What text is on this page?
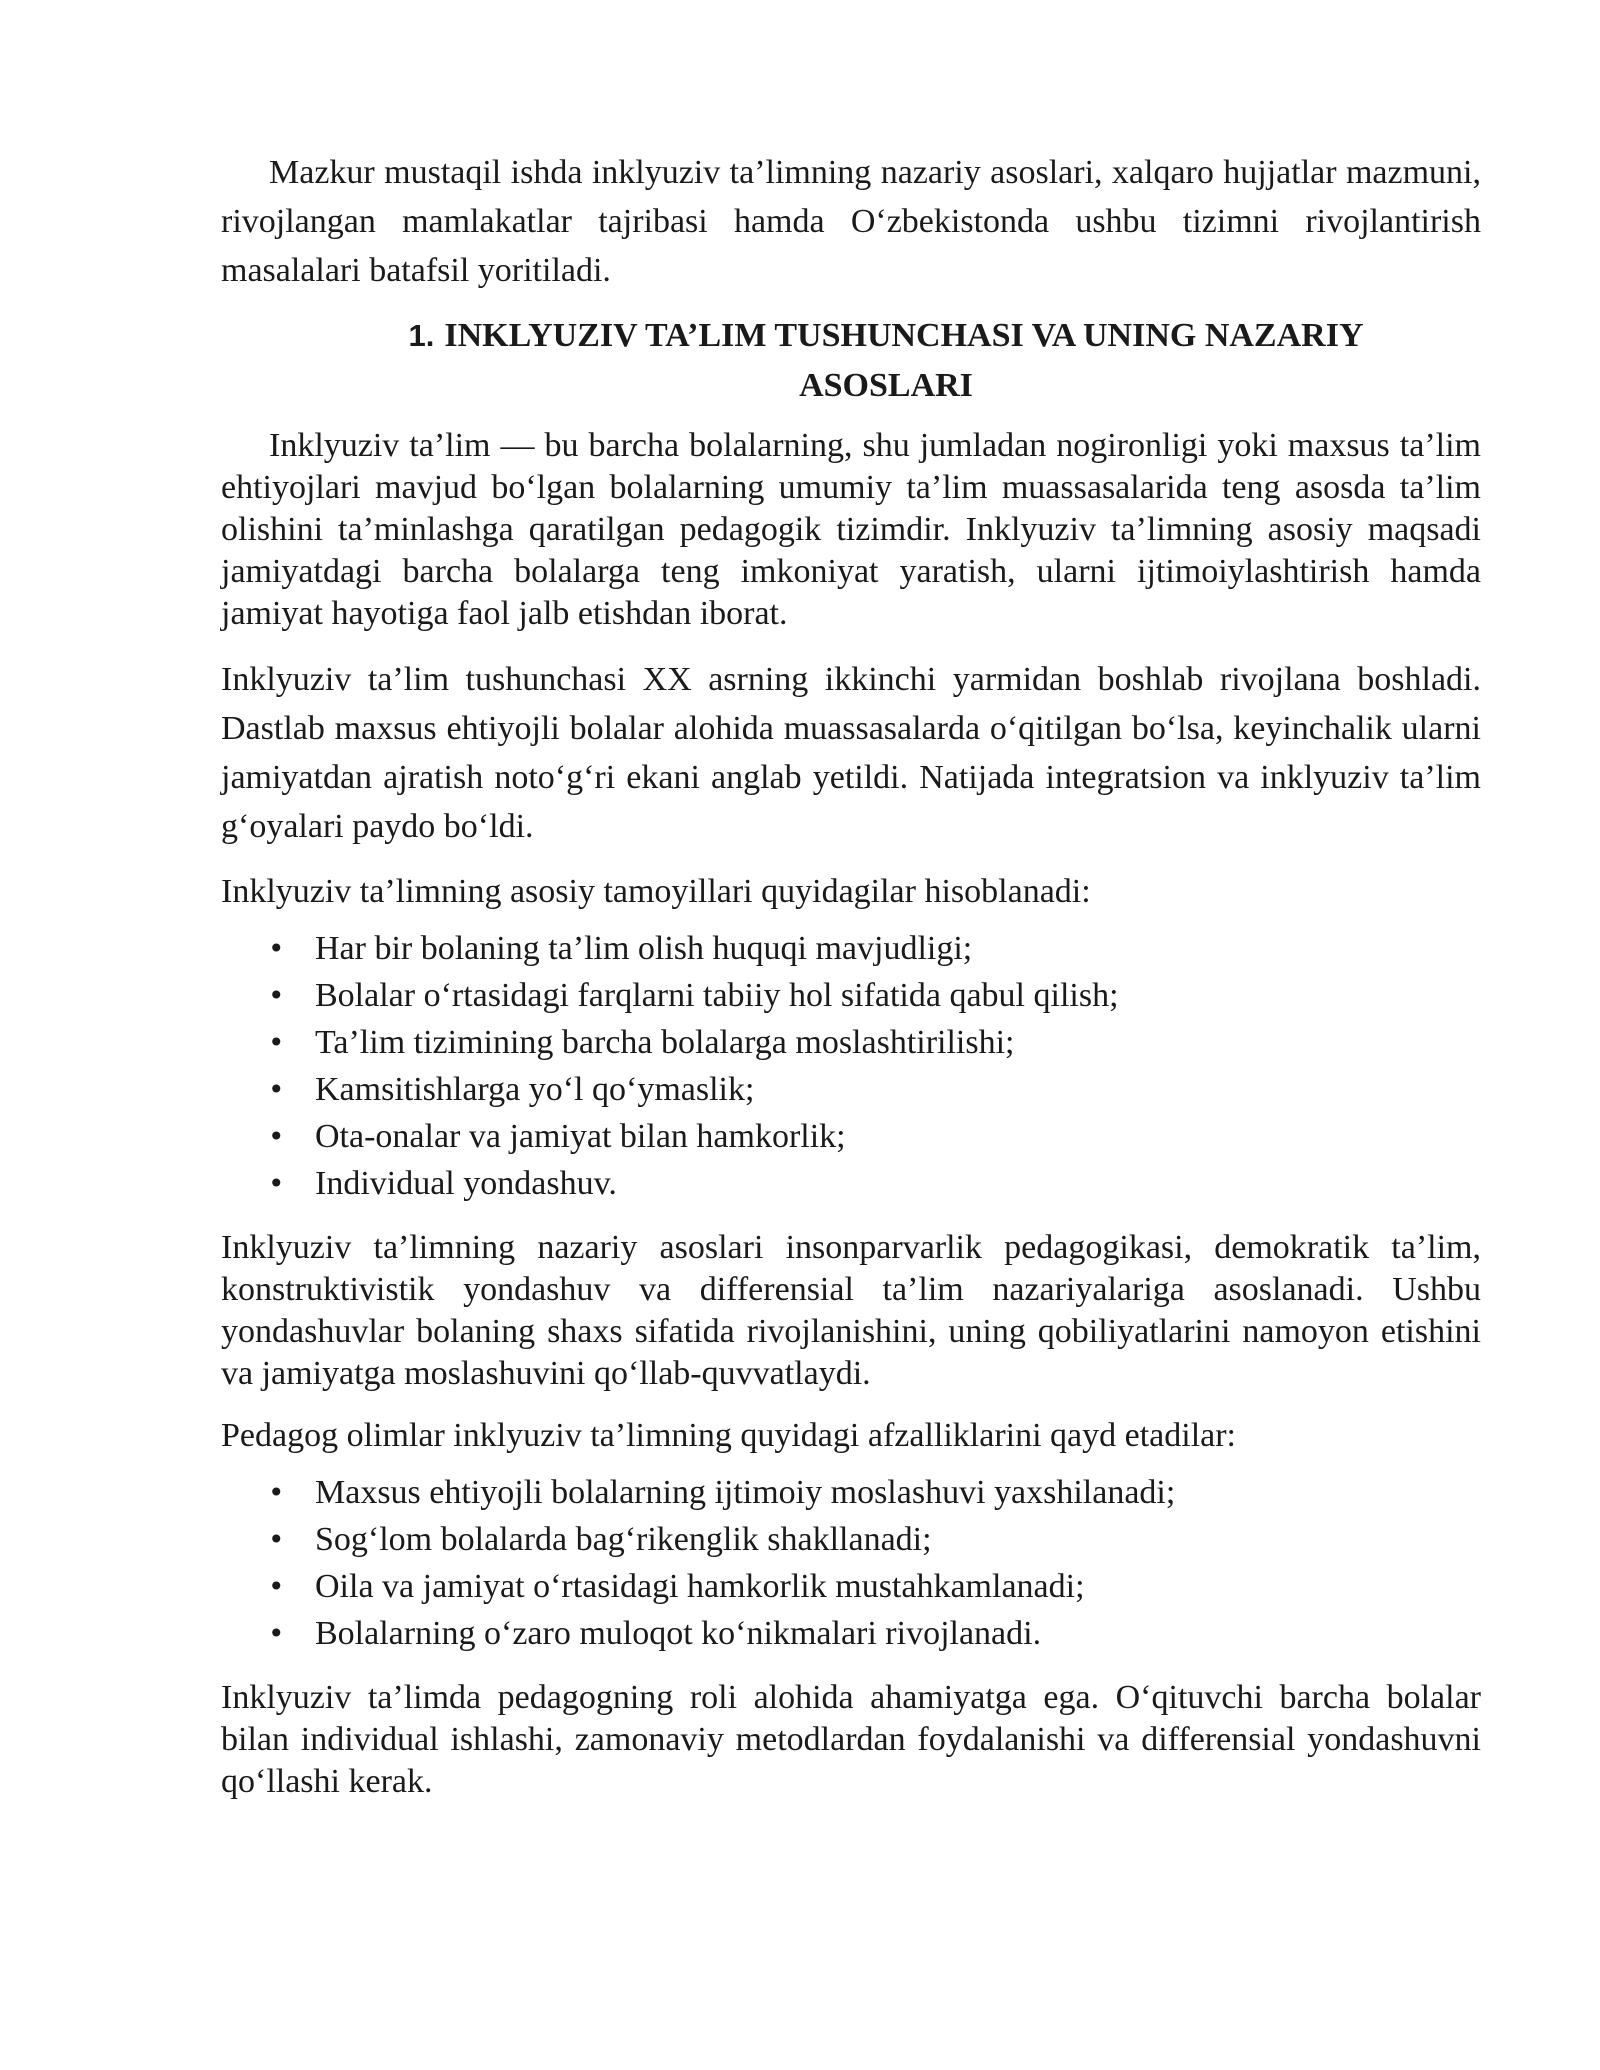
Mazkur mustaqil ishda inklyuziv ta’limning nazariy asoslari, xalqaro hujjatlar mazmuni, rivojlangan mamlakatlar tajribasi hamda O‘zbekistonda ushbu tizimni rivojlantirish masalalari batafsil yoritiladi.

1. INKLYUZIV TA’LIM TUSHUNCHASI VA UNING NAZARIY
ASOSLARI

Inklyuziv ta’lim — bu barcha bolalarning, shu jumladan nogironligi yoki maxsus ta’lim ehtiyojlari mavjud bo‘lgan bolalarning umumiy ta’lim muassasalarida teng asosda ta’lim olishini ta’minlashga qaratilgan pedagogik tizimdir. Inklyuziv ta’limning asosiy maqsadi jamiyatdagi barcha bolalarga teng imkoniyat yaratish, ularni ijtimoiylashtirish hamda jamiyat hayotiga faol jalb etishdan iborat.

Inklyuziv ta’lim tushunchasi XX asrning ikkinchi yarmidan boshlab rivojlana boshladi. Dastlab maxsus ehtiyojli bolalar alohida muassasalarda o‘qitilgan bo‘lsa, keyinchalik ularni jamiyatdan ajratish noto‘g‘ri ekani anglab yetildi. Natijada integratsion va inklyuziv ta’lim g‘oyalari paydo bo‘ldi.

Inklyuziv ta’limning asosiy tamoyillari quyidagilar hisoblanadi:

• Har bir bolaning ta’lim olish huquqi mavjudligi;
• Bolalar o‘rtasidagi farqlarni tabiiy hol sifatida qabul qilish;
• Ta’lim tizimining barcha bolalarga moslashtirilishi;
• Kamsitishlarga yo‘l qo‘ymaslik;
• Ota-onalar va jamiyat bilan hamkorlik;
• Individual yondashuv.

Inklyuziv ta’limning nazariy asoslari insonparvarlik pedagogikasi, demokratik ta’lim, konstruktivistik yondashuv va differensial ta’lim nazariyalariga asoslanadi. Ushbu yondashuvlar bolaning shaxs sifatida rivojlanishini, uning qobiliyatlarini namoyon etishini va jamiyatga moslashuvini qo‘llab-quvvatlaydi.

Pedagog olimlar inklyuziv ta’limning quyidagi afzalliklarini qayd etadilar:

• Maxsus ehtiyojli bolalarning ijtimoiy moslashuvi yaxshilanadi;
• Sog‘lom bolalarda bag‘rikenglik shakllanadi;
• Oila va jamiyat o‘rtasidagi hamkorlik mustahkamlanadi;
• Bolalarning o‘zaro muloqot ko‘nikmalari rivojlanadi.

Inklyuziv ta’limda pedagogning roli alohida ahamiyatga ega. O‘qituvchi barcha bolalar bilan individual ishlashi, zamonaviy metodlardan foydalanishi va differensial yondashuvni qo‘llashi kerak.
